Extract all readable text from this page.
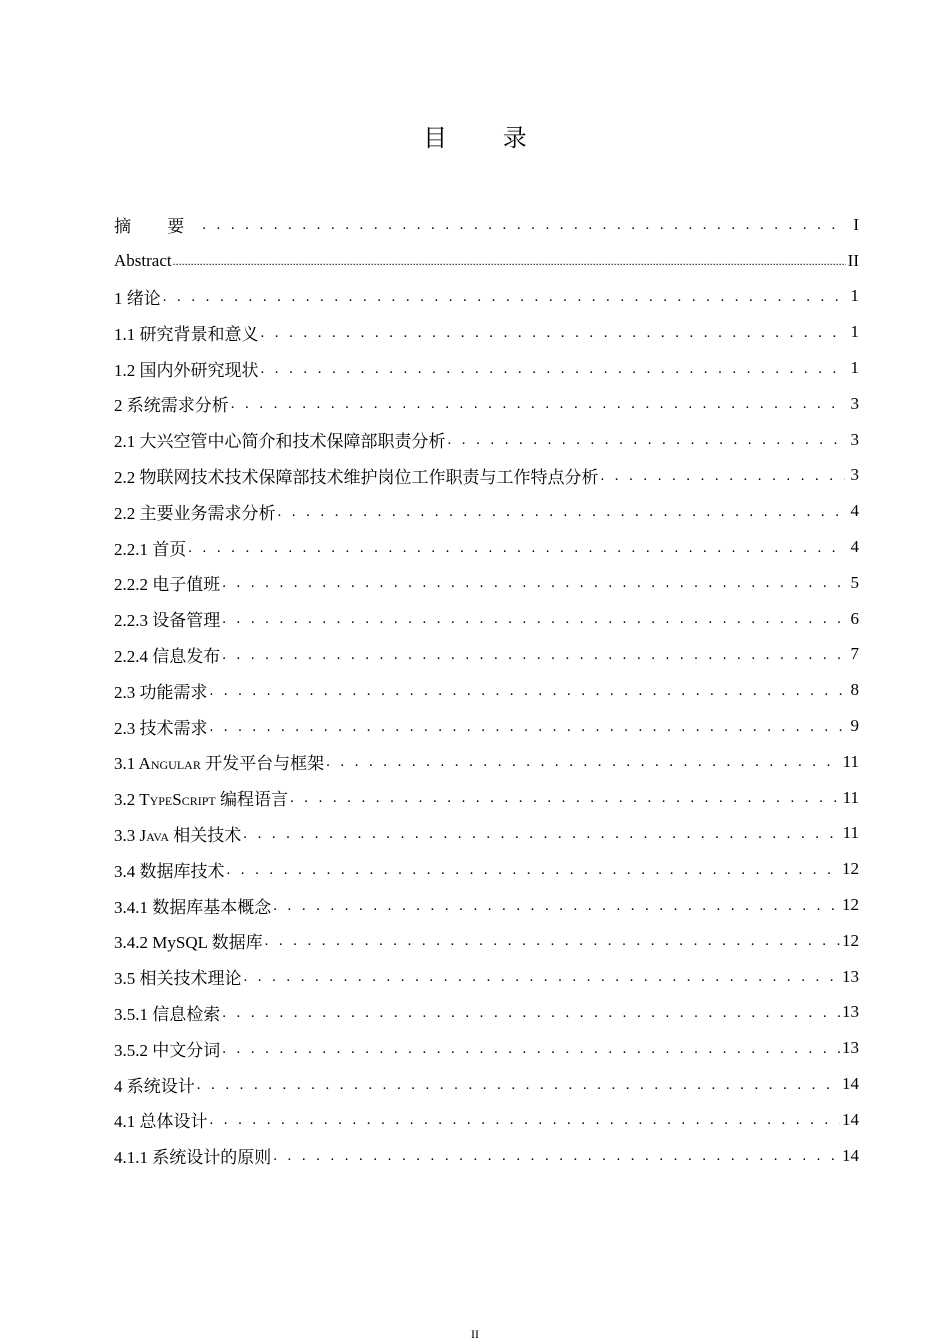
目 录
摘 要 . . .	I
Abstract .....	II
1 绪论 . . .	1
1.1 研究背景和意义 . . .	1
1.2 国内外研究现状 . . .	1
2 系统需求分析 . . .	3
2.1 大兴空管中心简介和技术保障部职责分析 . . .	3
2.2 物联网技术技术保障部技术维护岗位工作职责与工作特点分析 . . .	3
2.2 主要业务需求分析 . . .	4
2.2.1 首页 . . .	4
2.2.2 电子值班 . . .	5
2.2.3 设备管理 . . .	6
2.2.4 信息发布 . . .	7
2.3 功能需求 . . .	8
2.3 技术需求 . . .	9
3.1 Angular 开发平台与框架 . . .	11
3.2 TypeScript 编程语言 . . .	11
3.3 Java 相关技术 . . .	11
3.4 数据库技术 . . .	12
3.4.1 数据库基本概念 . . .	12
3.4.2 MySQL 数据库 . . .	12
3.5 相关技术理论 . . .	13
3.5.1 信息检索 . . .	13
3.5.2 中文分词 . . .	13
4 系统设计 . . .	14
4.1 总体设计 . . .	14
4.1.1 系统设计的原则 . . .	14
II
